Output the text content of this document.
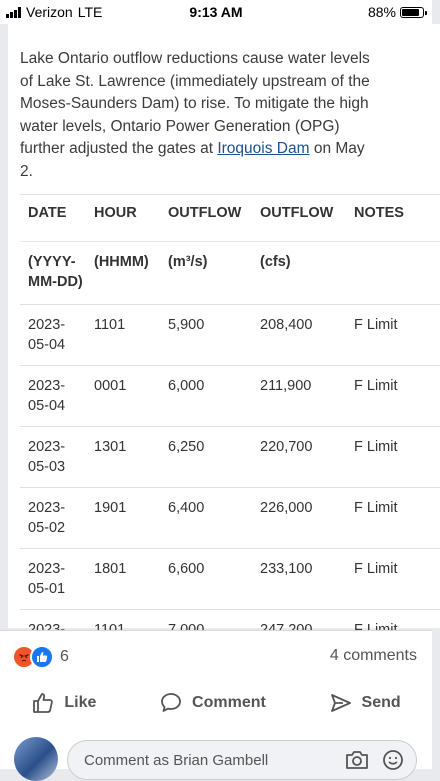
Verizon LTE	9:13 AM	88%

Lake Ontario outflow reductions cause water levels of Lake St. Lawrence (immediately upstream of the Moses-Saunders Dam) to rise. To mitigate the high water levels, Ontario Power Generation (OPG) further adjusted the gates at Iroquois Dam on May 2.

DATE	HOUR	OUTFLOW	OUTFLOW	NOTES
(YYYY-MM-DD)	(HHMM)	(m³/s)	(cfs)	
2023-05-04	1101	5,900	208,400	F Limit
2023-05-04	0001	6,000	211,900	F Limit
2023-05-03	1301	6,250	220,700	F Limit
2023-05-02	1901	6,400	226,000	F Limit
2023-05-01	1801	6,600	233,100	F Limit

6	4 comments
Like	Comment	Send
Comment as Brian Gambell
